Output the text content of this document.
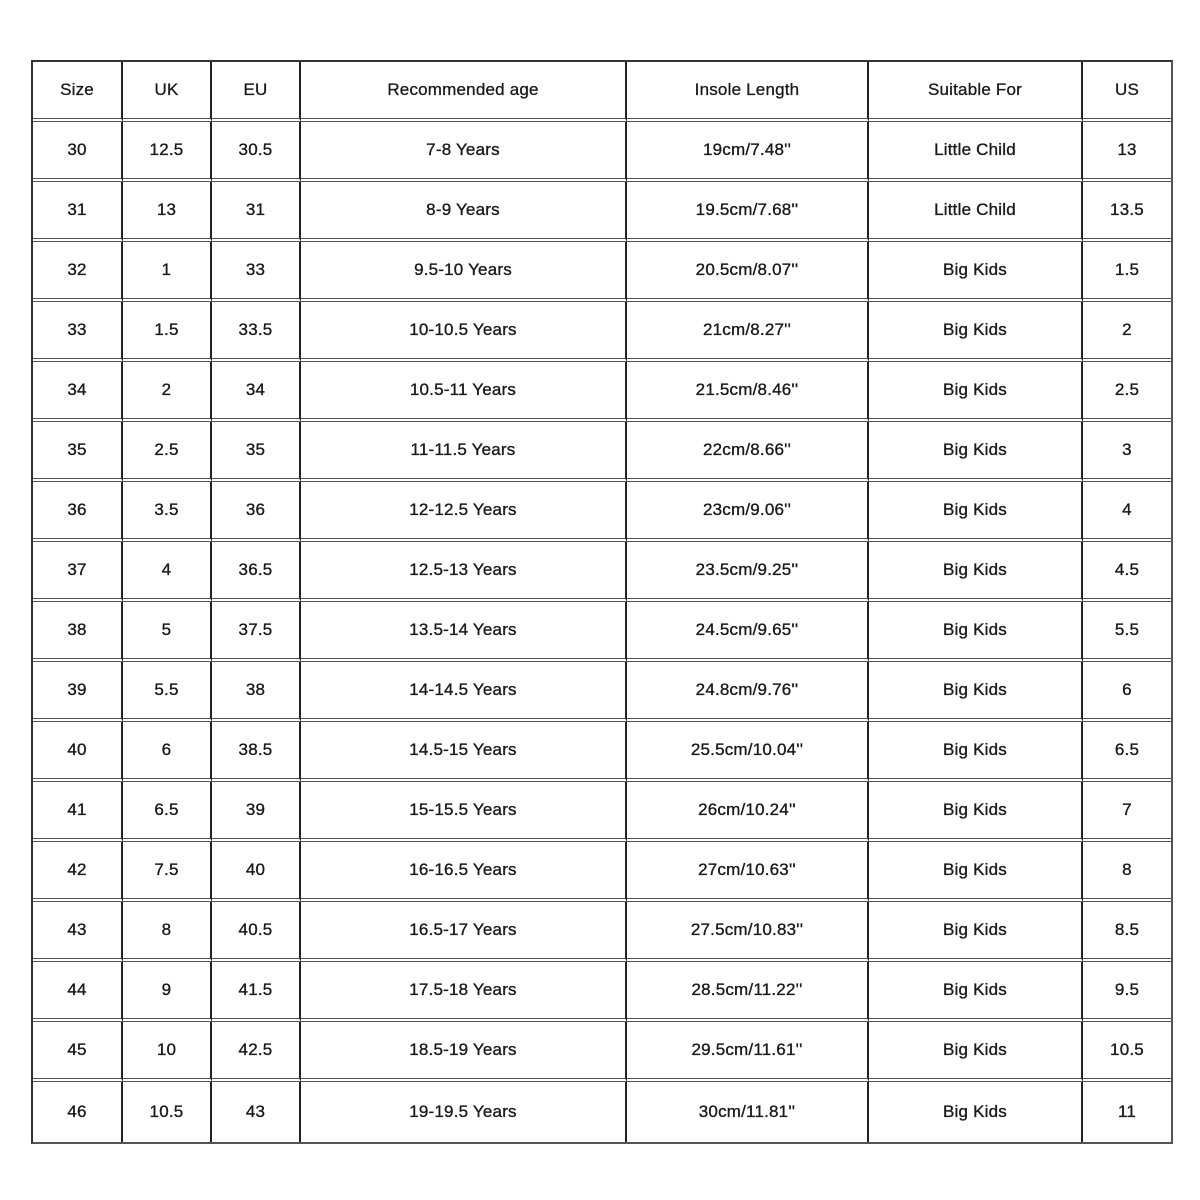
Size	UK	EU	Recommended age	Insole Length	Suitable For	US
30	12.5	30.5	7-8 Years	19cm/7.48''	Little Child	13
31	13	31	8-9 Years	19.5cm/7.68''	Little Child	13.5
32	1	33	9.5-10 Years	20.5cm/8.07''	Big Kids	1.5
33	1.5	33.5	10-10.5 Years	21cm/8.27''	Big Kids	2
34	2	34	10.5-11 Years	21.5cm/8.46''	Big Kids	2.5
35	2.5	35	11-11.5 Years	22cm/8.66''	Big Kids	3
36	3.5	36	12-12.5 Years	23cm/9.06''	Big Kids	4
37	4	36.5	12.5-13 Years	23.5cm/9.25''	Big Kids	4.5
38	5	37.5	13.5-14 Years	24.5cm/9.65''	Big Kids	5.5
39	5.5	38	14-14.5 Years	24.8cm/9.76''	Big Kids	6
40	6	38.5	14.5-15 Years	25.5cm/10.04''	Big Kids	6.5
41	6.5	39	15-15.5 Years	26cm/10.24''	Big Kids	7
42	7.5	40	16-16.5 Years	27cm/10.63''	Big Kids	8
43	8	40.5	16.5-17 Years	27.5cm/10.83''	Big Kids	8.5
44	9	41.5	17.5-18 Years	28.5cm/11.22''	Big Kids	9.5
45	10	42.5	18.5-19 Years	29.5cm/11.61''	Big Kids	10.5
46	10.5	43	19-19.5 Years	30cm/11.81''	Big Kids	11
